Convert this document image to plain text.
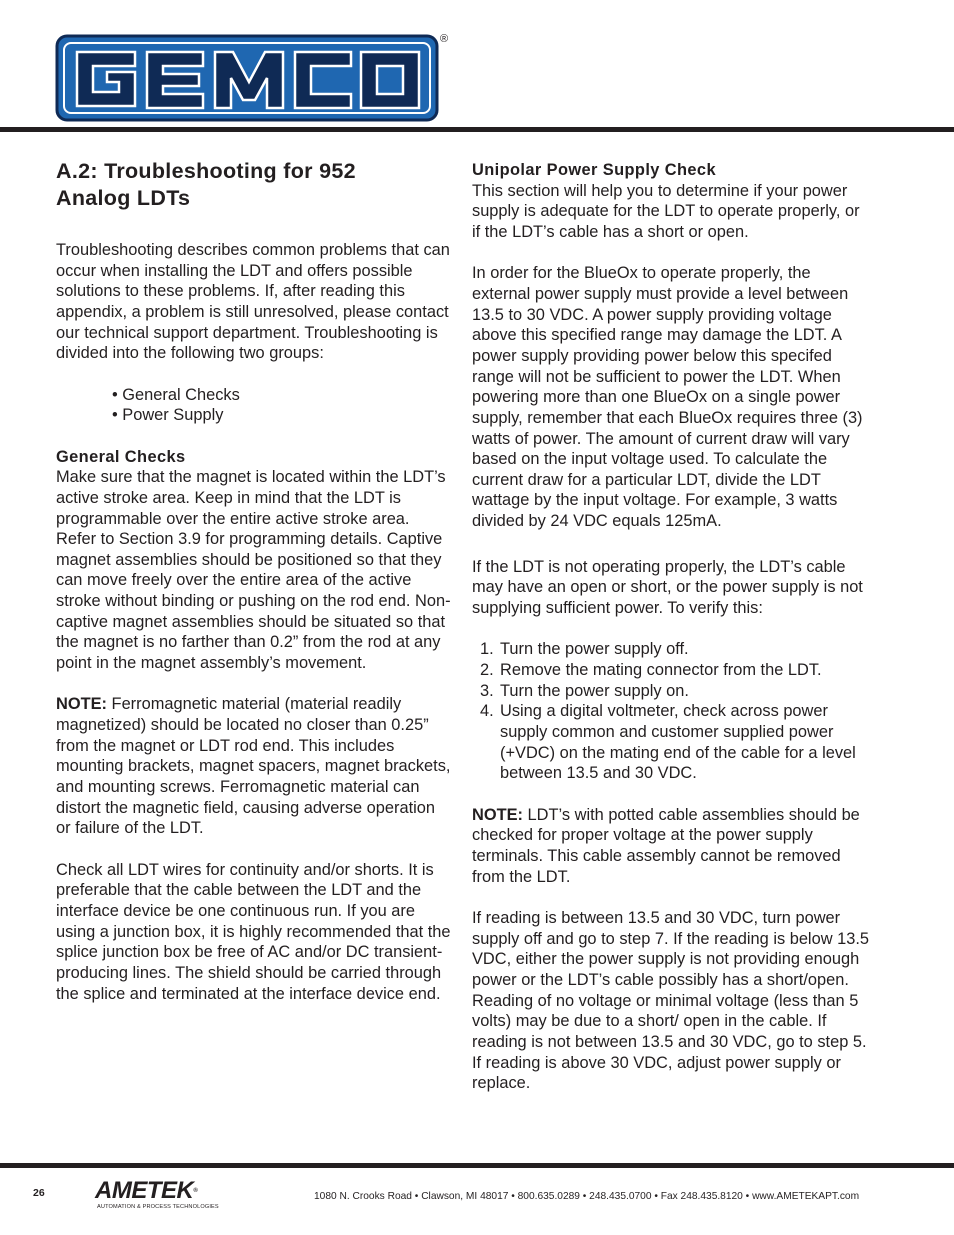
®
A.2: Troubleshooting for 952
Analog LDTs

Troubleshooting describes common problems that can occur when installing the LDT and offers possible solutions to these problems. If, after reading this appendix, a problem is still unresolved, please contact our technical support department. Troubleshooting is divided into the following two groups:

• General Checks
• Power Supply

General Checks

Make sure that the magnet is located within the LDT’s active stroke area. Keep in mind that the LDT is programmable over the entire active stroke area. Refer to Section 3.9 for programming details. Captive magnet assemblies should be positioned so that they can move freely over the entire area of the active stroke without binding or pushing on the rod end. Non-captive magnet assemblies should be situated so that the magnet is no farther than 0.2” from the rod at any point in the magnet assembly’s movement.

NOTE: Ferromagnetic material (material readily magnetized) should be located no closer than 0.25” from the magnet or LDT rod end. This includes mounting brackets, magnet spacers, magnet brackets, and mounting screws. Ferromagnetic material can distort the magnetic field, causing adverse operation or failure of the LDT.

Check all LDT wires for continuity and/or shorts. It is preferable that the cable between the LDT and the interface device be one continuous run. If you are using a junction box, it is highly recommended that the splice junction box be free of AC and/or DC transient-producing lines. The shield should be carried through the splice and terminated at the interface device end.

Unipolar Power Supply Check

This section will help you to determine if your power supply is adequate for the LDT to operate properly, or if the LDT’s cable has a short or open.

In order for the BlueOx to operate properly, the external power supply must provide a level between 13.5 to 30 VDC. A power supply providing voltage above this specified range may damage the LDT. A power supply providing power below this specifed range will not be sufficient to power the LDT. When powering more than one BlueOx on a single power supply, remember that each BlueOx requires three (3) watts of power. The amount of current draw will vary based on the input voltage used. To calculate the current draw for a particular LDT, divide the LDT wattage by the input voltage. For example, 3 watts divided by 24 VDC equals 125mA.

If the LDT is not operating properly, the LDT’s cable may have an open or short, or the power supply is not supplying sufficient power. To verify this:

1. Turn the power supply off.
2. Remove the mating connector from the LDT.
3. Turn the power supply on.
4. Using a digital voltmeter, check across power supply common and customer supplied power (+VDC) on the mating end of the cable for a level between 13.5 and 30 VDC.

NOTE: LDT’s with potted cable assemblies should be checked for proper voltage at the power supply terminals. This cable assembly cannot be removed from the LDT.

If reading is between 13.5 and 30 VDC, turn power supply off and go to step 7. If the reading is below 13.5 VDC, either the power supply is not providing enough power or the LDT’s cable possibly has a short/open. Reading of no voltage or minimal voltage (less than 5 volts) may be due to a short/ open in the cable. If reading is not between 13.5 and 30 VDC, go to step 5. If reading is above 30 VDC, adjust power supply or replace.

26 AMETEK®
AUTOMATION & PROCESS TECHNOLOGIES
1080 N. Crooks Road • Clawson, MI 48017 • 800.635.0289 • 248.435.0700 • Fax 248.435.8120 • www.AMETEKAPT.com
